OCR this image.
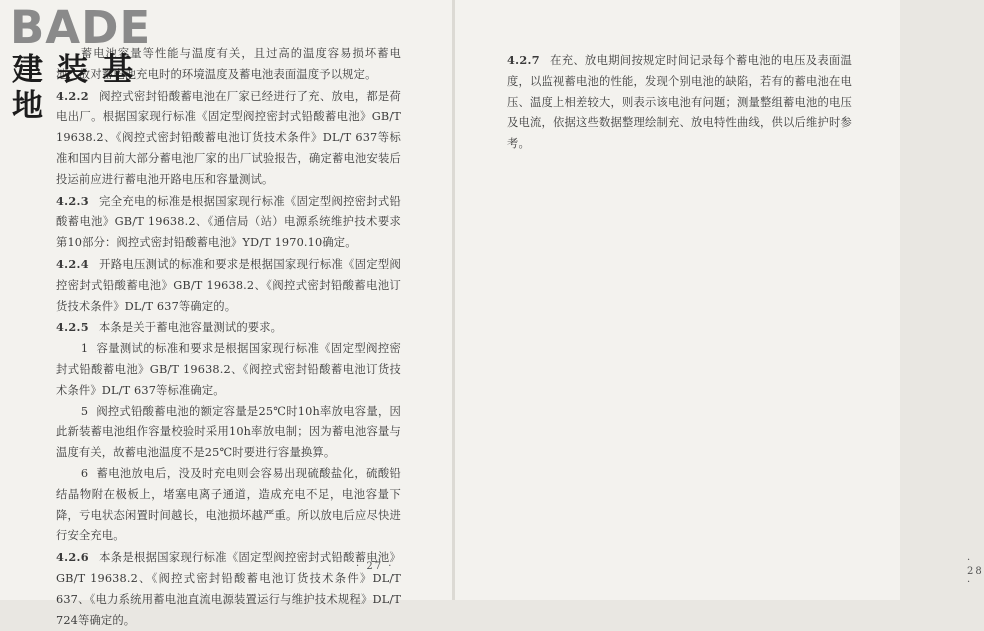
蓄电池容量等性能与温度有关，且过高的温度容易损坏蓄电池，故对蓄电池充电时的环境温度及蓄电池表面温度予以规定。

4.2.2 阀控式密封铅酸蓄电池在厂家已经进行了充、放电，都是荷电出厂。根据国家现行标准《固定型阀控密封式铅酸蓄电池》GB/T 19638.2、《阀控式密封铅酸蓄电池订货技术条件》DL/T 637等标准和国内目前大部分蓄电池厂家的出厂试验报告，确定蓄电池安装后投运前应进行蓄电池开路电压和容量测试。

4.2.3 完全充电的标准是根据国家现行标准《固定型阀控密封式铅酸蓄电池》GB/T 19638.2、《通信局（站）电源系统维护技术要求　第10部分：阀控式密封铅酸蓄电池》YD/T 1970.10确定。

4.2.4 开路电压测试的标准和要求是根据国家现行标准《固定型阀控密封式铅酸蓄电池》GB/T 19638.2、《阀控式密封铅酸蓄电池订货技术条件》DL/T 637等确定的。

4.2.5 本条是关于蓄电池容量测试的要求。

1 容量测试的标准和要求是根据国家现行标准《固定型阀控密封式铅酸蓄电池》GB/T 19638.2、《阀控式密封铅酸蓄电池订货技术条件》DL/T 637等标准确定。

5 阀控式铅酸蓄电池的额定容量是25℃时10h率放电容量，因此新装蓄电池组作容量校验时采用10h率放电制；因为蓄电池容量与温度有关，故蓄电池温度不是25℃时要进行容量换算。

6 蓄电池放电后，没及时充电则会容易出现硫酸盐化，硫酸铅结晶物附在极板上，堵塞电离子通道，造成充电不足，电池容量下降，亏电状态闲置时间越长，电池损坏越严重。所以放电后应尽快进行安全充电。

4.2.6 本条是根据国家现行标准《固定型阀控密封式铅酸蓄电池》GB/T 19638.2、《阀控式密封铅酸蓄电池订货技术条件》DL/T 637、《电力系统用蓄电池直流电源装置运行与维护技术规程》DL/T 724等确定的。

· 27 ·
BADE
建装基地

4.2.7 在充、放电期间按规定时间记录每个蓄电池的电压及表面温度，以监视蓄电池的性能，发现个别电池的缺陷，若有的蓄电池在电压、温度上相差较大，则表示该电池有问题；测量整组蓄电池的电压及电流，依据这些数据整理绘制充、放电特性曲线，供以后维护时参考。

· 28 ·
